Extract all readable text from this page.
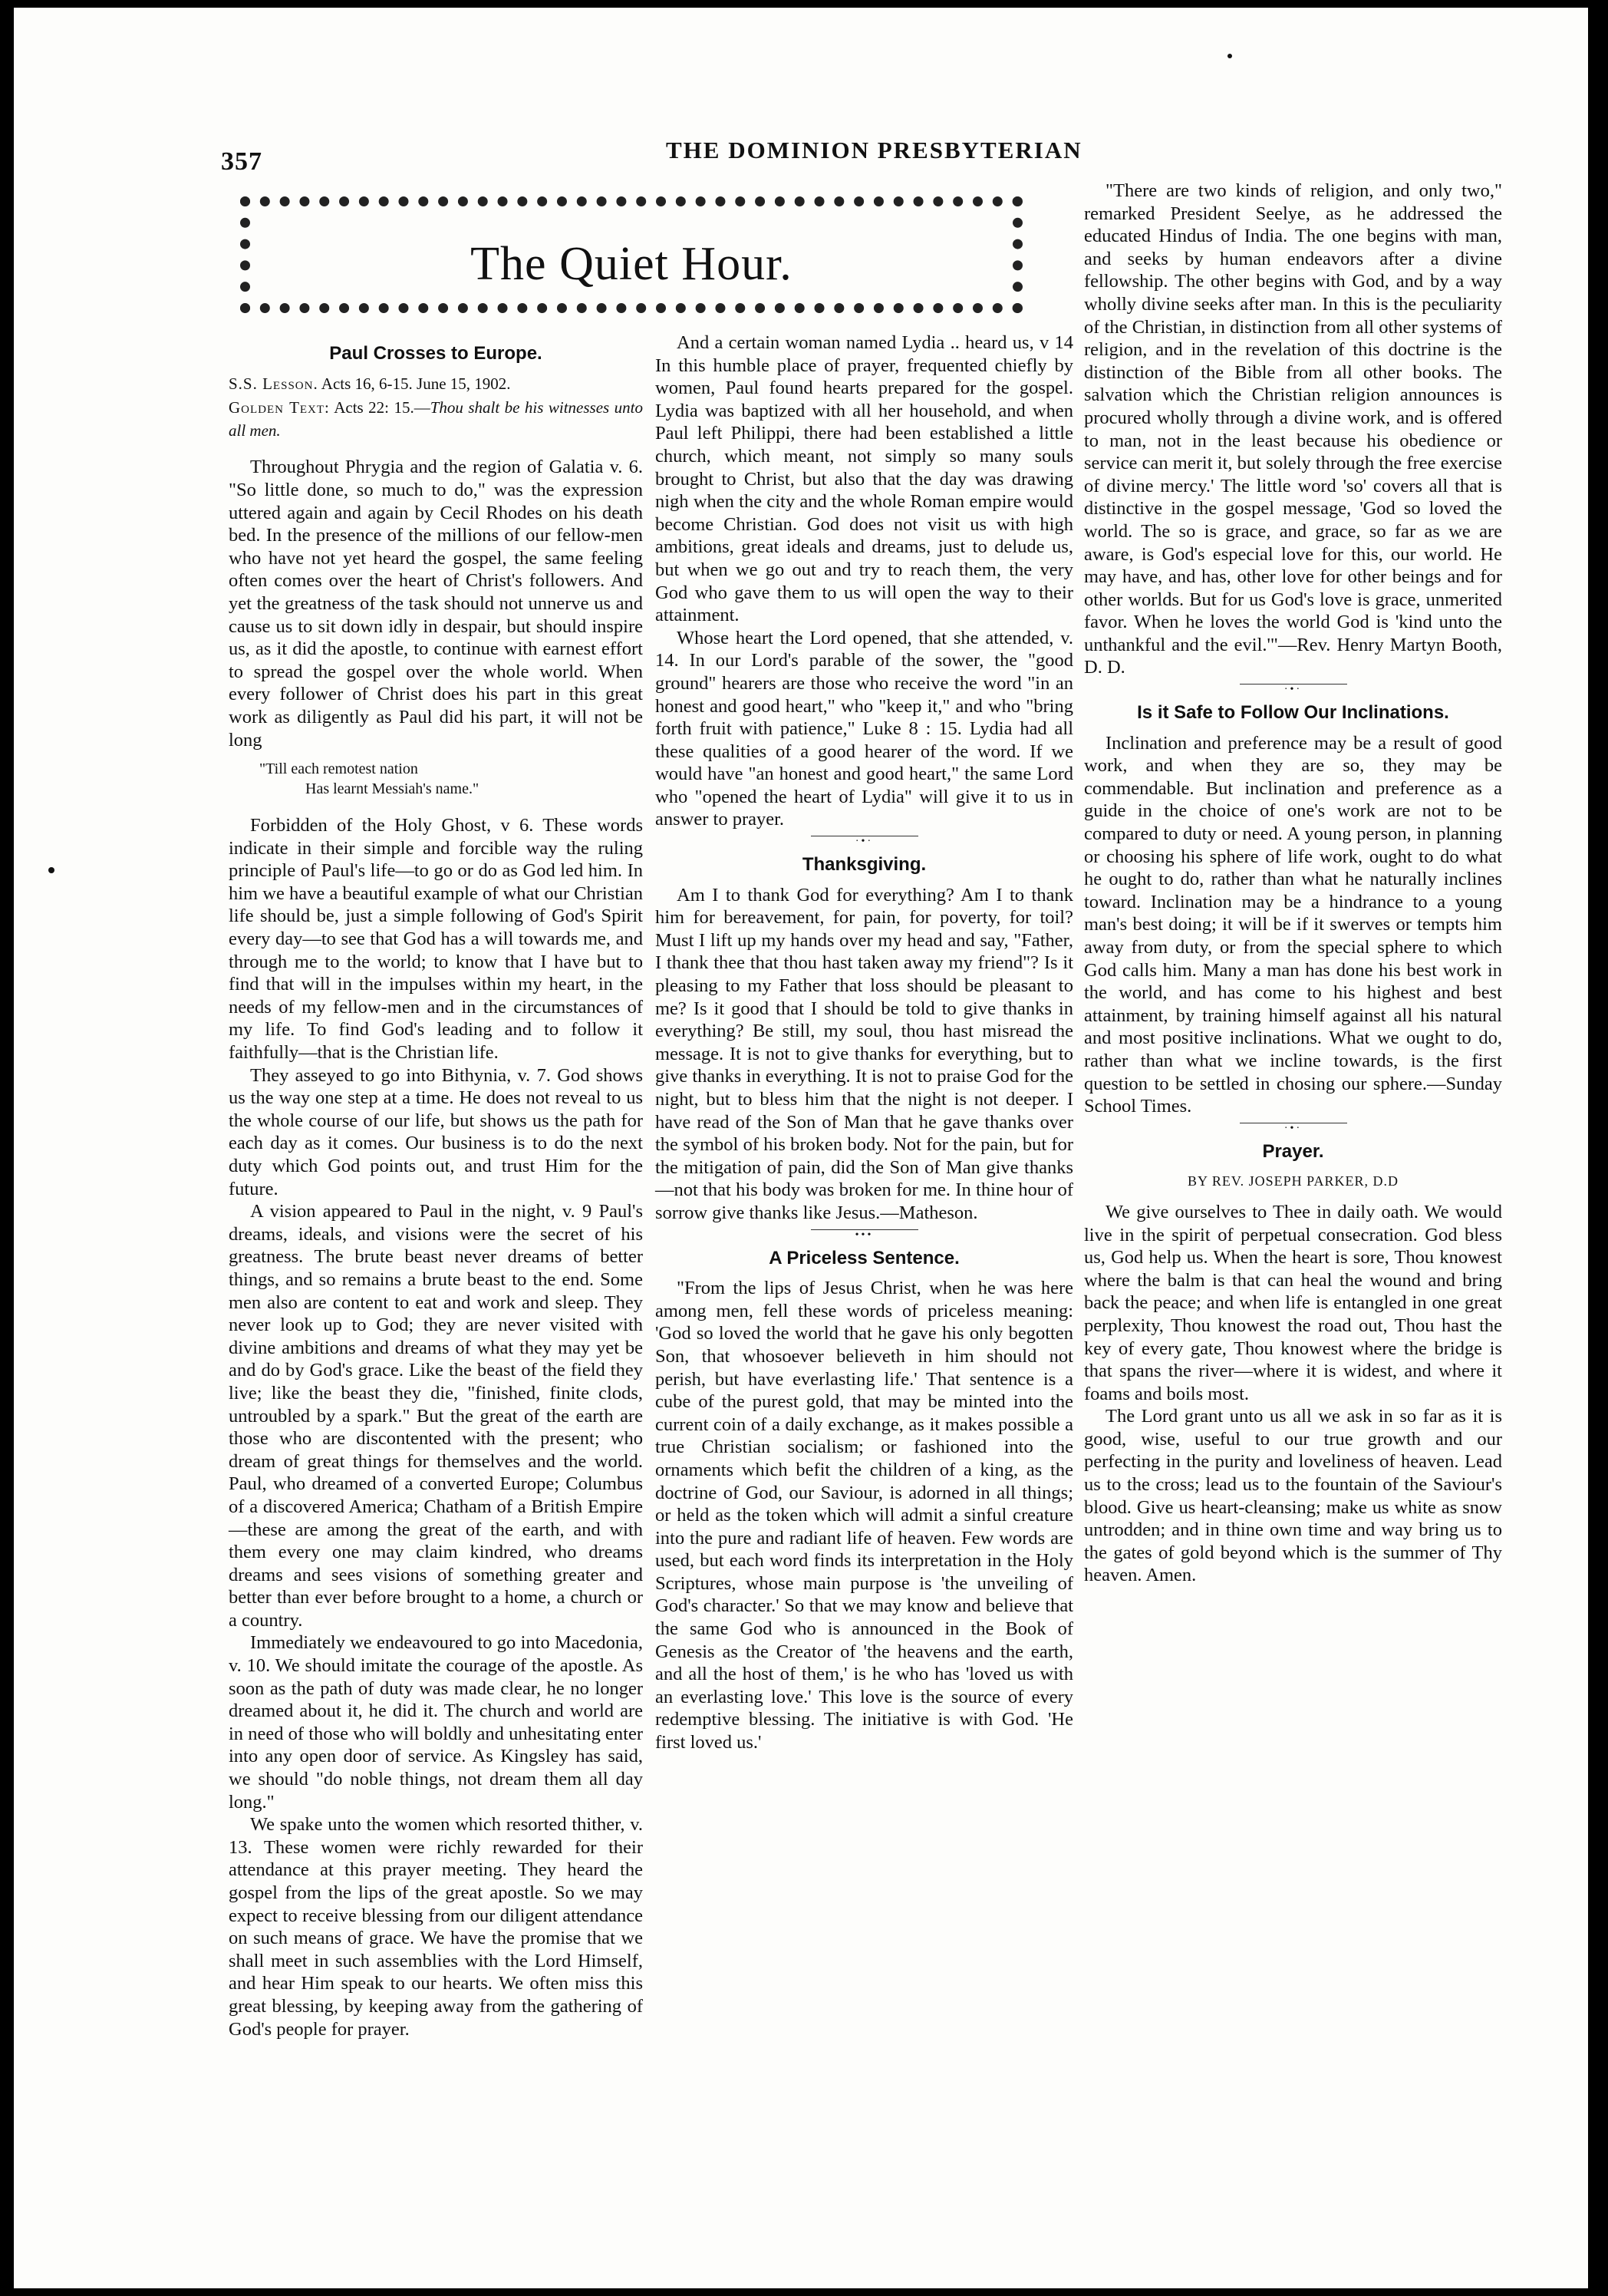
357	THE DOMINION PRESBYTERIAN
The Quiet Hour.
Paul Crosses to Europe.

S.S. Lesson. Acts 16, 6-15. June 15, 1902.

Golden Text: Acts 22: 15.—Thou shalt be his witnesses unto all men.

Throughout Phrygia and the region of Galatia v. 6. "So little done, so much to do," was the expression uttered again and again by Cecil Rhodes on his death bed. In the presence of the millions of our fellow-men who have not yet heard the gospel, the same feeling often comes over the heart of Christ's followers. And yet the greatness of the task should not unnerve us and cause us to sit down idly in despair, but should inspire us, as it did the apostle, to continue with earnest effort to spread the gospel over the whole world. When every follower of Christ does his part in this great work as diligently as Paul did his part, it will not be long

"Till each remotest nation
Has learnt Messiah's name."

Forbidden of the Holy Ghost, v 6. These words indicate in their simple and forcible way the ruling principle of Paul's life—to go or do as God led him. In him we have a beautiful example of what our Christian life should be, just a simple following of God's Spirit every day—to see that God has a will towards me, and through me to the world; to know that I have but to find that will in the impulses within my heart, in the needs of my fellow-men and in the circumstances of my life. To find God's leading and to follow it faithfully—that is the Christian life.

They asseyed to go into Bithynia, v. 7. God shows us the way one step at a time. He does not reveal to us the whole course of our life, but shows us the path for each day as it comes. Our business is to do the next duty which God points out, and trust Him for the future.

A vision appeared to Paul in the night, v. 9 Paul's dreams, ideals, and visions were the secret of his greatness. The brute beast never dreams of better things, and so remains a brute beast to the end. Some men also are content to eat and work and sleep. They never look up to God; they are never visited with divine ambitions and dreams of what they may yet be and do by God's grace. Like the beast of the field they live; like the beast they die, "finished, finite clods, untroubled by a spark." But the great of the earth are those who are discontented with the present; who dream of great things for themselves and the world. Paul, who dreamed of a converted Europe; Columbus of a discovered America; Chatham of a British Empire—these are among the great of the earth, and with them every one may claim kindred, who dreams dreams and sees visions of something greater and better than ever before brought to a home, a church or a country.

Immediately we endeavoured to go into Macedonia, v. 10. We should imitate the courage of the apostle. As soon as the path of duty was made clear, he no longer dreamed about it, he did it. The church and world are in need of those who will boldly and unhesitating enter into any open door of service. As Kingsley has said, we should "do noble things, not dream them all day long."

We spake unto the women which resorted thither, v. 13. These women were richly rewarded for their attendance at this prayer meeting. They heard the gospel from the lips of the great apostle. So we may expect to receive blessing from our diligent attendance on such means of grace. We have the promise that we shall meet in such assemblies with the Lord Himself, and hear Him speak to our hearts. We often miss this great blessing, by keeping away from the gathering of God's people for prayer.

And a certain woman named Lydia .. heard us, v 14 In this humble place of prayer, frequented chiefly by women, Paul found hearts prepared for the gospel. Lydia was baptized with all her household, and when Paul left Philippi, there had been established a little church, which meant, not simply so many souls brought to Christ, but also that the day was drawing nigh when the city and the whole Roman empire would become Christian. God does not visit us with high ambitions, great ideals and dreams, just to delude us, but when we go out and try to reach them, the very God who gave them to us will open the way to their attainment.

Whose heart the Lord opened, that she attended, v. 14. In our Lord's parable of the sower, the "good ground" hearers are those who receive the word "in an honest and good heart," who "keep it," and who "bring forth fruit with patience," Luke 8 : 15. Lydia had all these qualities of a good hearer of the word. If we would have "an honest and good heart," the same Lord who "opened the heart of Lydia" will give it to us in answer to prayer.

·•·
Thanksgiving.

Am I to thank God for everything? Am I to thank him for bereavement, for pain, for poverty, for toil? Must I lift up my hands over my head and say, "Father, I thank thee that thou hast taken away my friend"? Is it pleasing to my Father that loss should be pleasant to me? Is it good that I should be told to give thanks in everything? Be still, my soul, thou hast misread the message. It is not to give thanks for everything, but to give thanks in everything. It is not to praise God for the night, but to bless him that the night is not deeper. I have read of the Son of Man that he gave thanks over the symbol of his broken body. Not for the pain, but for the mitigation of pain, did the Son of Man give thanks—not that his body was broken for me. In thine hour of sorrow give thanks like Jesus.—Matheson.

•••
A Priceless Sentence.

"From the lips of Jesus Christ, when he was here among men, fell these words of priceless meaning: 'God so loved the world that he gave his only begotten Son, that whosoever believeth in him should not perish, but have everlasting life.' That sentence is a cube of the purest gold, that may be minted into the current coin of a daily exchange, as it makes possible a true Christian socialism; or fashioned into the ornaments which befit the children of a king, as the doctrine of God, our Saviour, is adorned in all things; or held as the token which will admit a sinful creature into the pure and radiant life of heaven. Few words are used, but each word finds its interpretation in the Holy Scriptures, whose main purpose is 'the unveiling of God's character.' So that we may know and believe that the same God who is announced in the Book of Genesis as the Creator of 'the heavens and the earth, and all the host of them,' is he who has 'loved us with an everlasting love.' This love is the source of every redemptive blessing. The initiative is with God. 'He first loved us.'

"There are two kinds of religion, and only two," remarked President Seelye, as he addressed the educated Hindus of India. The one begins with man, and seeks by human endeavors after a divine fellowship. The other begins with God, and by a way wholly divine seeks after man. In this is the peculiarity of the Christian, in distinction from all other systems of religion, and in the revelation of this doctrine is the distinction of the Bible from all other books. The salvation which the Christian religion announces is procured wholly through a divine work, and is offered to man, not in the least because his obedience or service can merit it, but solely through the free exercise of divine mercy.' The little word 'so' covers all that is distinctive in the gospel message, 'God so loved the world. The so is grace, and grace, so far as we are aware, is God's especial love for this, our world. He may have, and has, other love for other beings and for other worlds. But for us God's love is grace, unmerited favor. When he loves the world God is 'kind unto the unthankful and the evil.'"—Rev. Henry Martyn Booth, D. D.

·•·
Is it Safe to Follow Our Inclinations.

Inclination and preference may be a result of good work, and when they are so, they may be commendable. But inclination and preference as a guide in the choice of one's work are not to be compared to duty or need. A young person, in planning or choosing his sphere of life work, ought to do what he ought to do, rather than what he naturally inclines toward. Inclination may be a hindrance to a young man's best doing; it will be if it swerves or tempts him away from duty, or from the special sphere to which God calls him. Many a man has done his best work in the world, and has come to his highest and best attainment, by training himself against all his natural and most positive inclinations. What we ought to do, rather than what we incline towards, is the first question to be settled in chosing our sphere.—Sunday School Times.

·•·
Prayer.

BY REV. JOSEPH PARKER, D.D

We give ourselves to Thee in daily oath. We would live in the spirit of perpetual consecration. God bless us, God help us. When the heart is sore, Thou knowest where the balm is that can heal the wound and bring back the peace; and when life is entangled in one great perplexity, Thou knowest the road out, Thou hast the key of every gate, Thou knowest where the bridge is that spans the river—where it is widest, and where it foams and boils most.

The Lord grant unto us all we ask in so far as it is good, wise, useful to our true growth and our perfecting in the purity and loveliness of heaven. Lead us to the cross; lead us to the fountain of the Saviour's blood. Give us heart-cleansing; make us white as snow untrodden; and in thine own time and way bring us to the gates of gold beyond which is the summer of Thy heaven. Amen.
